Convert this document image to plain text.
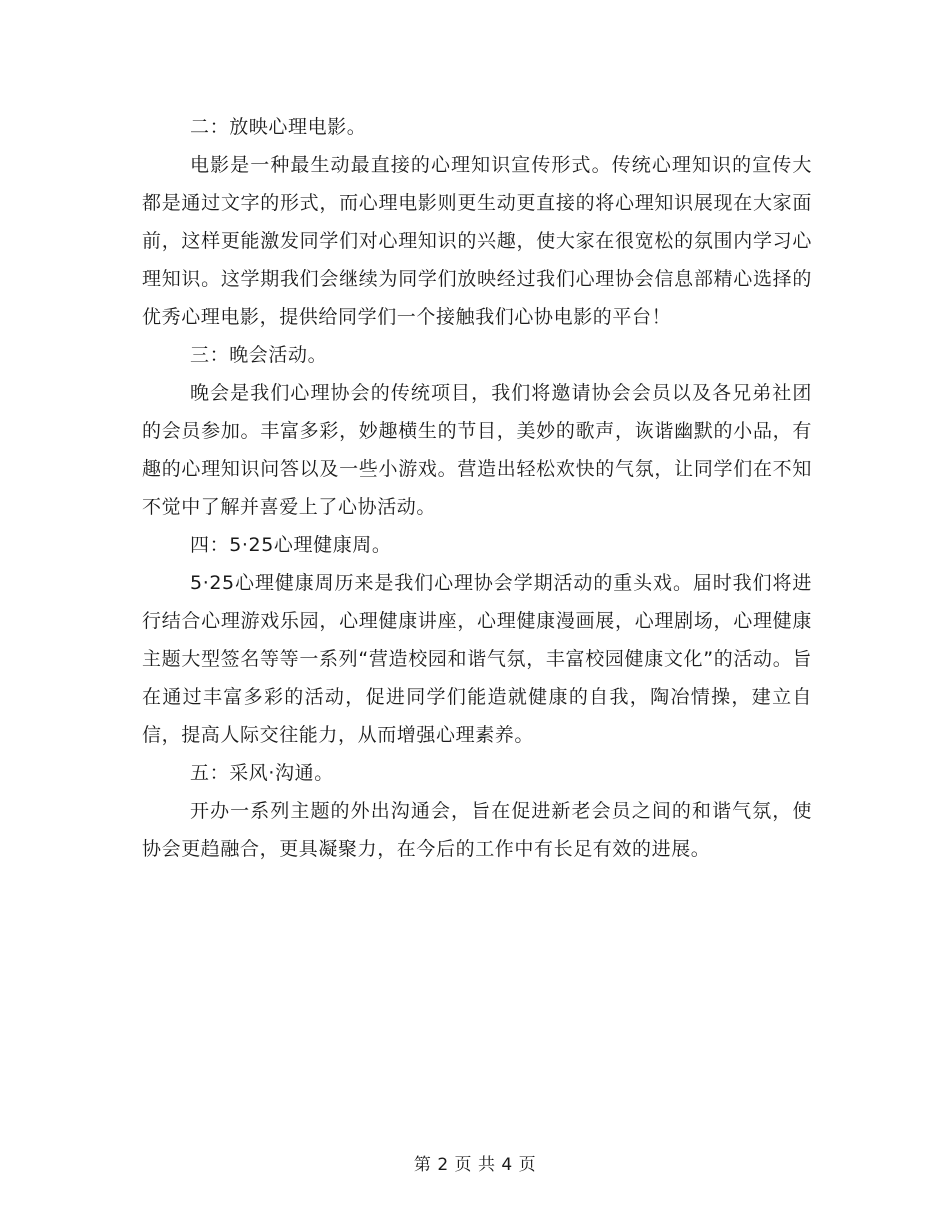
二：放映心理电影。

电影是一种最生动最直接的心理知识宣传形式。传统心理知识的宣传大都是通过文字的形式，而心理电影则更生动更直接的将心理知识展现在大家面前，这样更能激发同学们对心理知识的兴趣，使大家在很宽松的氛围内学习心理知识。这学期我们会继续为同学们放映经过我们心理协会信息部精心选择的优秀心理电影，提供给同学们一个接触我们心协电影的平台！

三：晚会活动。

晚会是我们心理协会的传统项目，我们将邀请协会会员以及各兄弟社团的会员参加。丰富多彩，妙趣横生的节目，美妙的歌声，诙谐幽默的小品，有趣的心理知识问答以及一些小游戏。营造出轻松欢快的气氛，让同学们在不知不觉中了解并喜爱上了心协活动。

四：5·25心理健康周。

5·25心理健康周历来是我们心理协会学期活动的重头戏。届时我们将进行结合心理游戏乐园，心理健康讲座，心理健康漫画展，心理剧场，心理健康主题大型签名等等一系列“营造校园和谐气氛，丰富校园健康文化”的活动。旨在通过丰富多彩的活动，促进同学们能造就健康的自我，陶冶情操，建立自信，提高人际交往能力，从而增强心理素养。

五：采风·沟通。

开办一系列主题的外出沟通会，旨在促进新老会员之间的和谐气氛，使协会更趋融合，更具凝聚力，在今后的工作中有长足有效的进展。

第 2 页 共 4 页
